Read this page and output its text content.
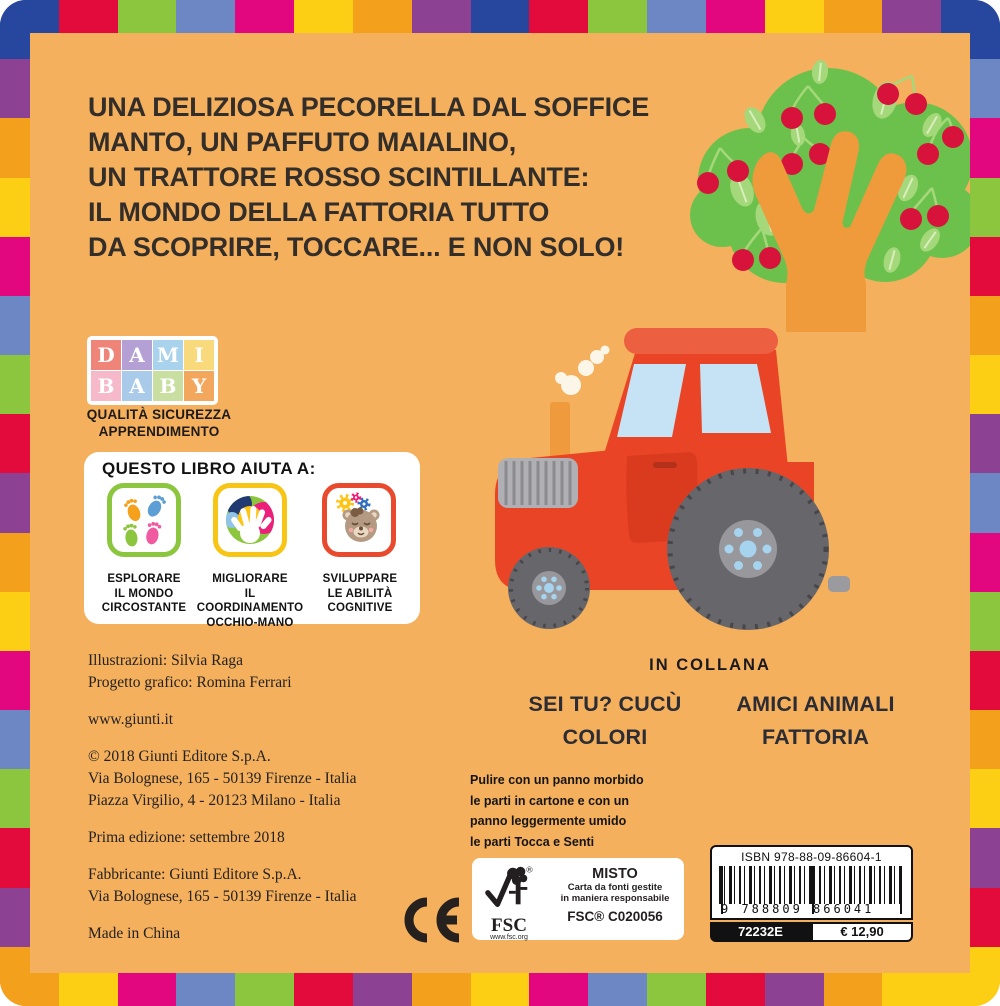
UNA DELIZIOSA PECORELLA DAL SOFFICE
MANTO, UN PAFFUTO MAIALINO,
UN TRATTORE ROSSO SCINTILLANTE:
IL MONDO DELLA FATTORIA TUTTO
DA SCOPRIRE, TOCCARE... E NON SOLO!
D A M I
B A B Y
QUALITÀ SICUREZZA
APPRENDIMENTO
QUESTO LIBRO AIUTA A:
ESPLORARE
IL MONDO
CIRCOSTANTE
MIGLIORARE
IL COORDINAMENTO
OCCHIO-MANO
SVILUPPARE
LE ABILITÀ
COGNITIVE

Illustrazioni: Silvia Raga

Progetto grafico: Romina Ferrari

www.giunti.it

© 2018 Giunti Editore S.p.A.

Via Bolognese, 165 - 50139 Firenze - Italia

Piazza Virgilio, 4 - 20123 Milano - Italia

Prima edizione: settembre 2018

Fabbricante: Giunti Editore S.p.A.

Via Bolognese, 165 - 50139 Firenze - Italia

Made in China

IN COLLANA
SEI TU? CUCÙ
COLORI
AMICI ANIMALI
FATTORIA
Pulire con un panno morbido
le parti in cartone e con un
panno leggermente umido
le parti Tocca e Senti
®
FSC
www.fsc.org
MISTO
Carta da fonti gestite
in maniera responsabile
FSC® C020056
ISBN 978-88-09-86604-1
9 788809 866041
72232E	€ 12,90
